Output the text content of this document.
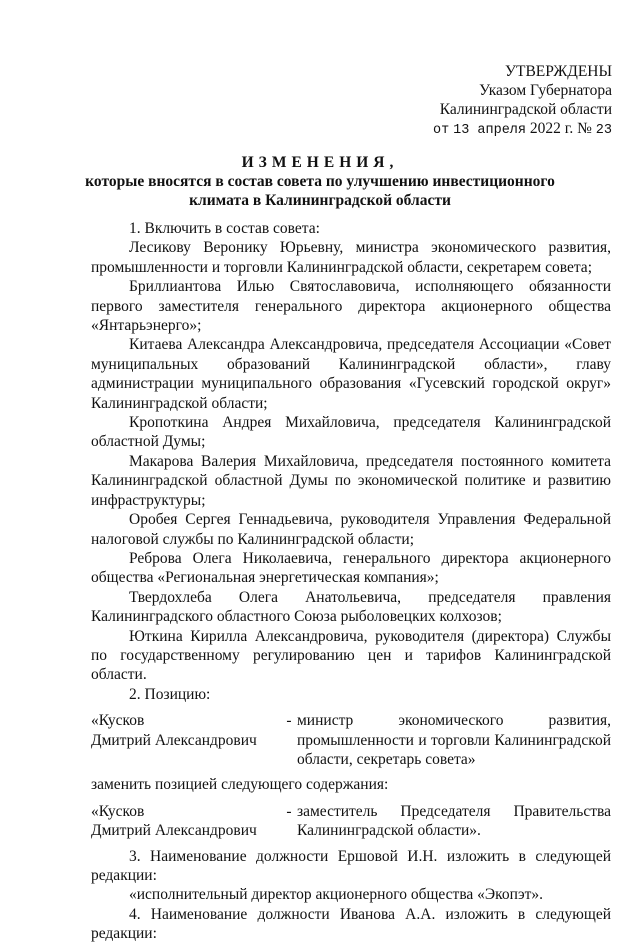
УТВЕРЖДЕНЫ
Указом Губернатора
Калининградской области
от 13 апреля 2022 г. № 23
ИЗМЕНЕНИЯ,
которые вносятся в состав совета по улучшению инвестиционного
климата в Калининградской области

1. Включить в состав совета:

Лесикову Веронику Юрьевну, министра экономического развития, промышленности и торговли Калининградской области, секретарем совета;

Бриллиантова Илью Святославовича, исполняющего обязанности первого заместителя генерального директора акционерного общества «Янтарьэнерго»;

Китаева Александра Александровича, председателя Ассоциации «Совет муниципальных образований Калининградской области», главу администрации муниципального образования «Гусевский городской округ» Калининградской области;

Кропоткина Андрея Михайловича, председателя Калининградской областной Думы;

Макарова Валерия Михайловича, председателя постоянного комитета Калининградской областной Думы по экономической политике и развитию инфраструктуры;

Оробея Сергея Геннадьевича, руководителя Управления Федеральной налоговой службы по Калининградской области;

Реброва Олега Николаевича, генерального директора акционерного общества «Региональная энергетическая компания»;

Твердохлеба Олега Анатольевича, председателя правления Калининградского областного Союза рыболовецких колхозов;

Юткина Кирилла Александровича, руководителя (директора) Службы по государственному регулированию цен и тарифов Калининградской области.

2. Позицию:

«Кусков
Дмитрий Александрович
- министр экономического развития, промышленности и торговли Калининградской области, секретарь совета»

заменить позицией следующего содержания:

«Кусков
Дмитрий Александрович
- заместитель Председателя Правительства Калининградской области».

3. Наименование должности Ершовой И.Н. изложить в следующей редакции:

«исполнительный директор акционерного общества «Экопэт».

4. Наименование должности Иванова А.А. изложить в следующей редакции:
